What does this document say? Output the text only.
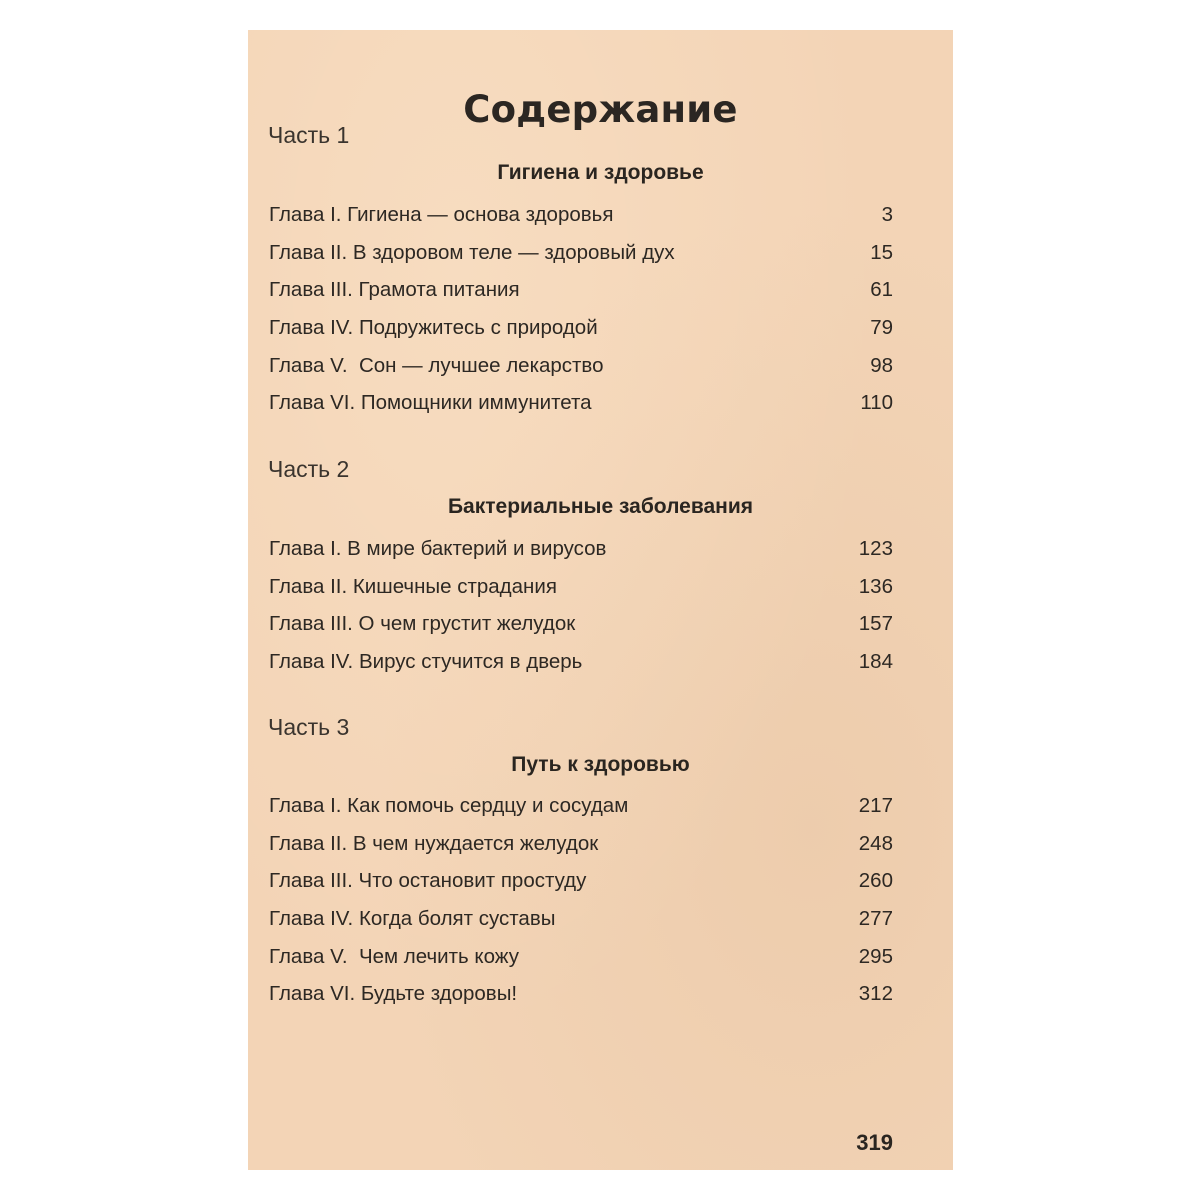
Содержание
Часть 1
Гигиена и здоровье
Глава I. Гигиена — основа здоровья	3
Глава II. В здоровом теле — здоровый дух	15
Глава III. Грамота питания	61
Глава IV. Подружитесь с природой	79
Глава V.  Сон — лучшее лекарство	98
Глава VI. Помощники иммунитета	110
Часть 2
Бактериальные заболевания
Глава I. В мире бактерий и вирусов	123
Глава II. Кишечные страдания	136
Глава III. О чем грустит желудок	157
Глава IV. Вирус стучится в дверь	184
Часть 3
Путь к здоровью
Глава I. Как помочь сердцу и сосудам	217
Глава II. В чем нуждается желудок	248
Глава III. Что остановит простуду	260
Глава IV. Когда болят суставы	277
Глава V.  Чем лечить кожу	295
Глава VI. Будьте здоровы!	312
319
